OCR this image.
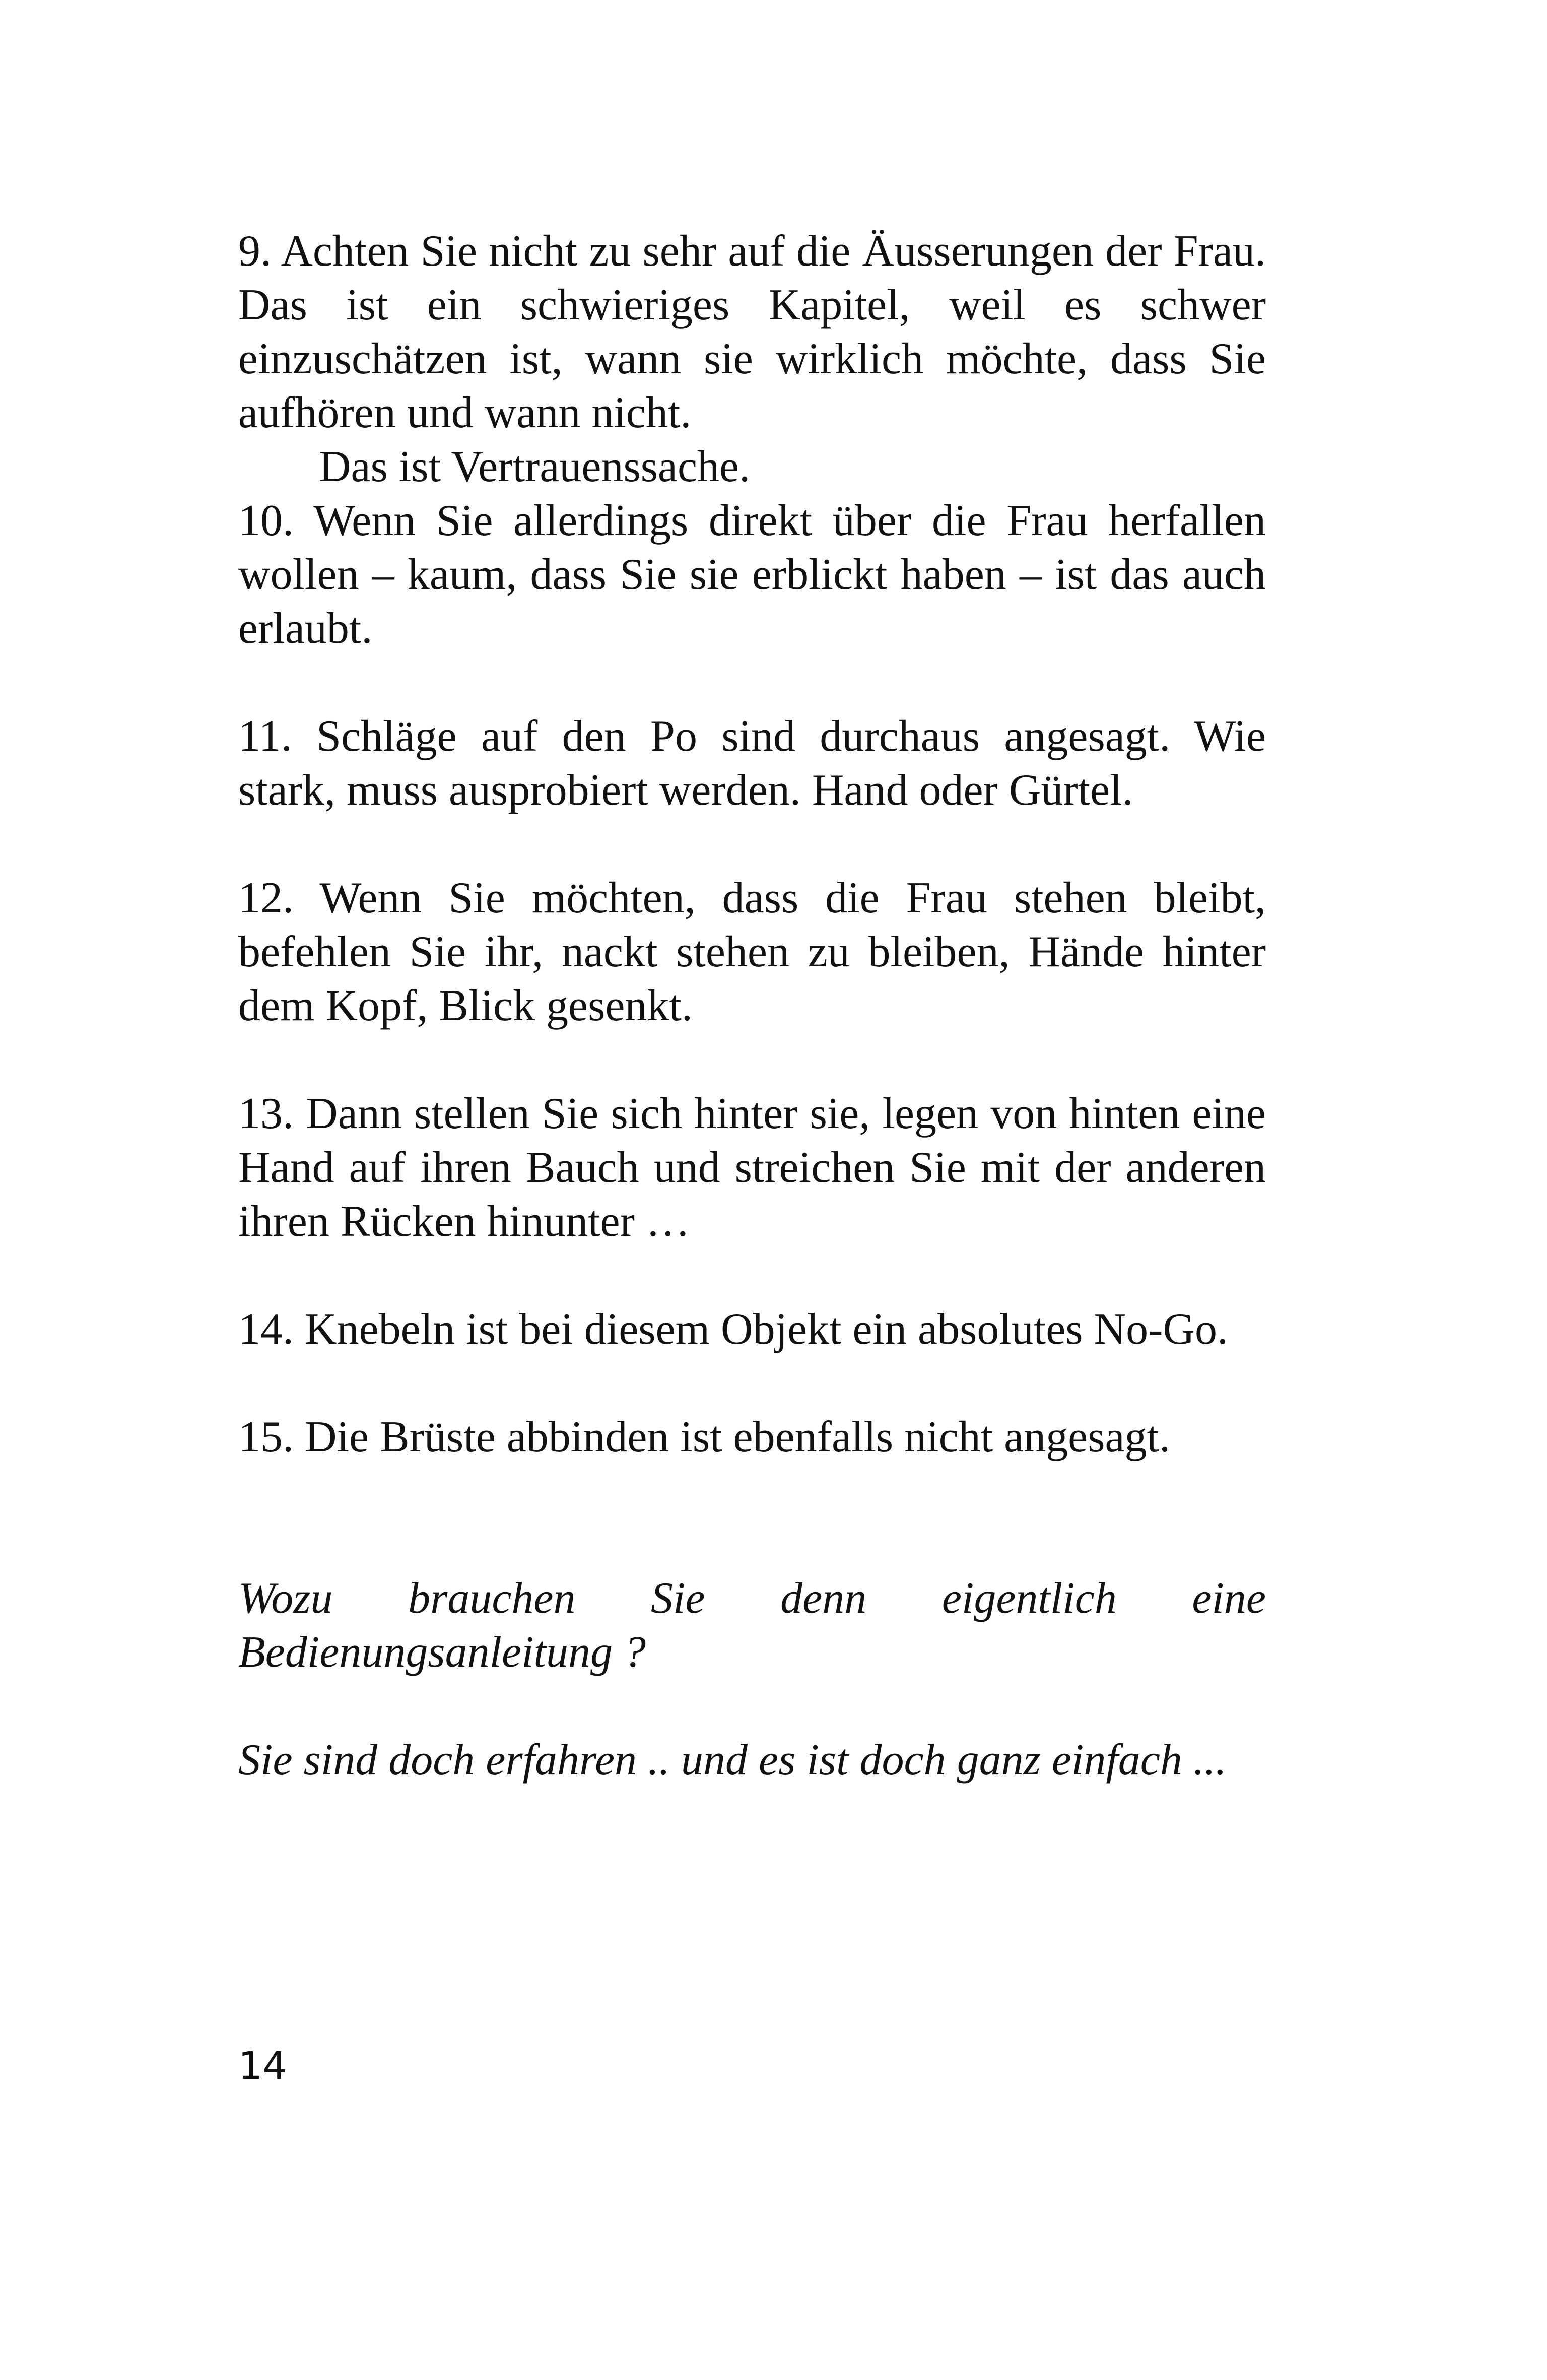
9. Achten Sie nicht zu sehr auf die Äusserungen der Frau. Das ist ein schwieriges Kapitel, weil es schwer einzuschätzen ist, wann sie wirklich möchte, dass Sie aufhören und wann nicht.

Das ist Vertrauenssache.

10. Wenn Sie allerdings direkt über die Frau herfallen wollen – kaum, dass Sie sie erblickt haben – ist das auch erlaubt.

11. Schläge auf den Po sind durchaus angesagt. Wie stark, muss ausprobiert werden. Hand oder Gürtel.

12. Wenn Sie möchten, dass die Frau stehen bleibt, befehlen Sie ihr, nackt stehen zu bleiben, Hände hinter dem Kopf, Blick gesenkt.

13. Dann stellen Sie sich hinter sie, legen von hinten eine Hand auf ihren Bauch und streichen Sie mit der anderen ihren Rücken hinunter …

14. Knebeln ist bei diesem Objekt ein absolutes No-Go.

15. Die Brüste abbinden ist ebenfalls nicht angesagt.

Wozu brauchen Sie denn eigentlich eine Bedienungsanleitung ?

Sie sind doch erfahren .. und es ist doch ganz einfach ...

14
